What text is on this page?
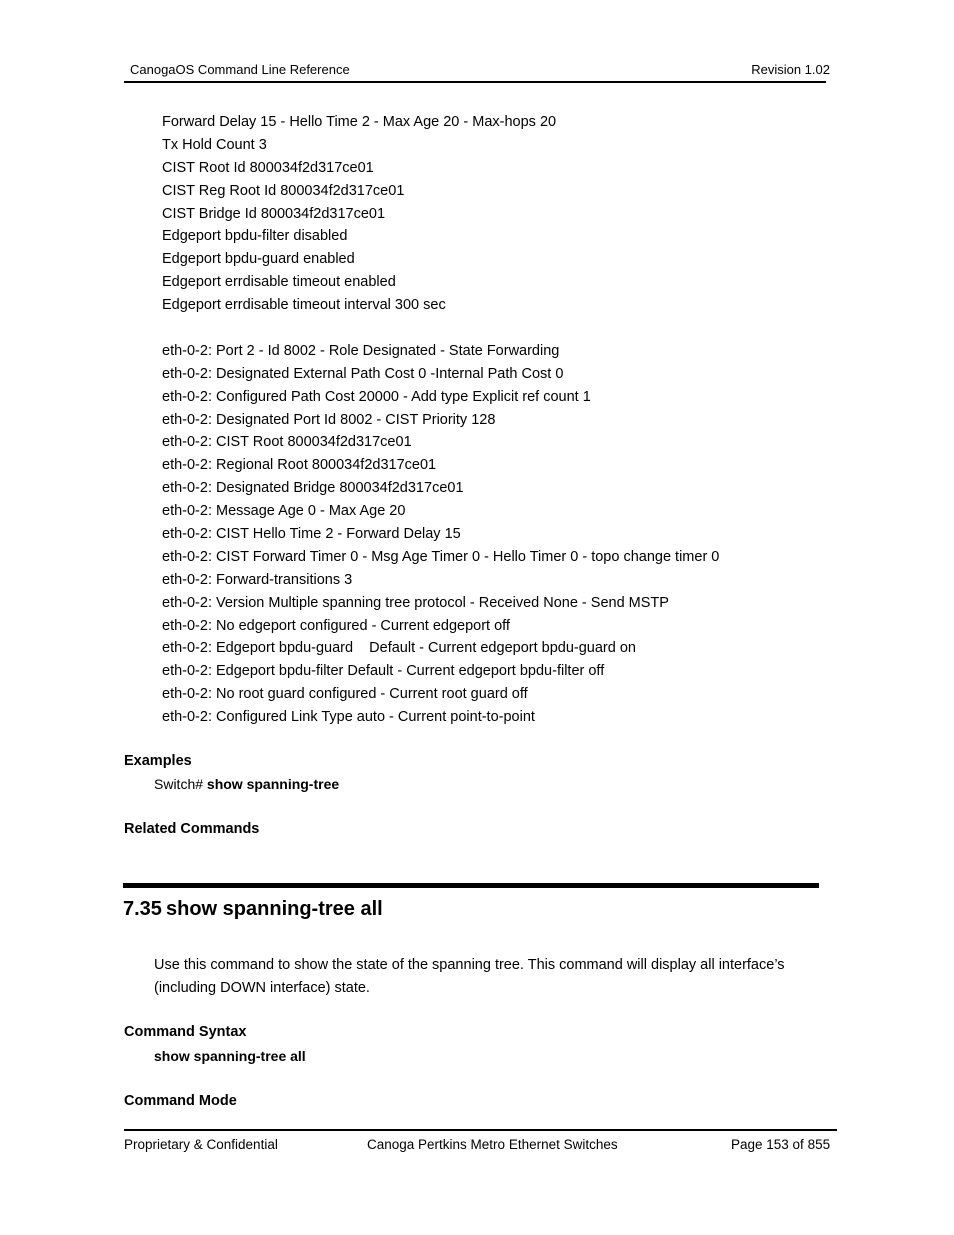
CanogaOS Command Line Reference	Revision 1.02
Forward Delay 15 - Hello Time 2 - Max Age 20 - Max-hops 20
Tx Hold Count 3
CIST Root Id 800034f2d317ce01
CIST Reg Root Id 800034f2d317ce01
CIST Bridge Id 800034f2d317ce01
Edgeport bpdu-filter disabled
Edgeport bpdu-guard enabled
Edgeport errdisable timeout enabled
Edgeport errdisable timeout interval 300 sec
eth-0-2: Port 2 - Id 8002 - Role Designated - State Forwarding
eth-0-2: Designated External Path Cost 0 -Internal Path Cost 0
eth-0-2: Configured Path Cost 20000 - Add type Explicit ref count 1
eth-0-2: Designated Port Id 8002 - CIST Priority 128
eth-0-2: CIST Root 800034f2d317ce01
eth-0-2: Regional Root 800034f2d317ce01
eth-0-2: Designated Bridge 800034f2d317ce01
eth-0-2: Message Age 0 - Max Age 20
eth-0-2: CIST Hello Time 2 - Forward Delay 15
eth-0-2: CIST Forward Timer 0 - Msg Age Timer 0 - Hello Timer 0 - topo change timer 0
eth-0-2: Forward-transitions 3
eth-0-2: Version Multiple spanning tree protocol - Received None - Send MSTP
eth-0-2: No edgeport configured - Current edgeport off
eth-0-2: Edgeport bpdu-guard    Default - Current edgeport bpdu-guard on
eth-0-2: Edgeport bpdu-filter Default - Current edgeport bpdu-filter off
eth-0-2: No root guard configured - Current root guard off
eth-0-2: Configured Link Type auto - Current point-to-point
Examples
Switch# show spanning-tree
Related Commands
7.35 show spanning-tree all
Use this command to show the state of the spanning tree. This command will display all interface’s (including DOWN interface) state.
Command Syntax
show spanning-tree all
Command Mode
Proprietary & Confidential	Canoga Pertkins Metro Ethernet Switches	Page 153 of 855
